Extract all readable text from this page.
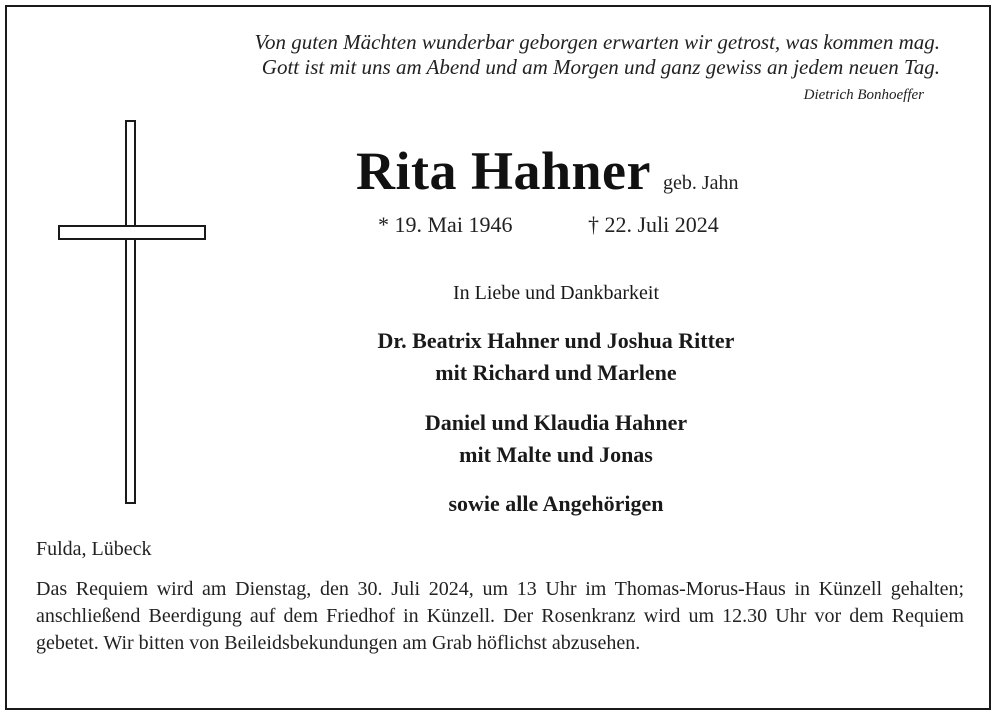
Von guten Mächten wunderbar geborgen erwarten wir getrost, was kommen mag.
Gott ist mit uns am Abend und am Morgen und ganz gewiss an jedem neuen Tag.
Dietrich Bonhoeffer
Rita Hahner geb. Jahn
* 19. Mai 1946	† 22. Juli 2024
In Liebe und Dankbarkeit
Dr. Beatrix Hahner und Joshua Ritter
mit Richard und Marlene
Daniel und Klaudia Hahner
mit Malte und Jonas
sowie alle Angehörigen
Fulda, Lübeck
Das Requiem wird am Dienstag, den 30. Juli 2024, um 13 Uhr im Thomas-Morus-Haus in Künzell gehalten; anschließend Beerdigung auf dem Friedhof in Künzell. Der Rosenkranz wird um 12.30 Uhr vor dem Requiem gebetet. Wir bitten von Beileidsbekundungen am Grab höflichst abzusehen.
